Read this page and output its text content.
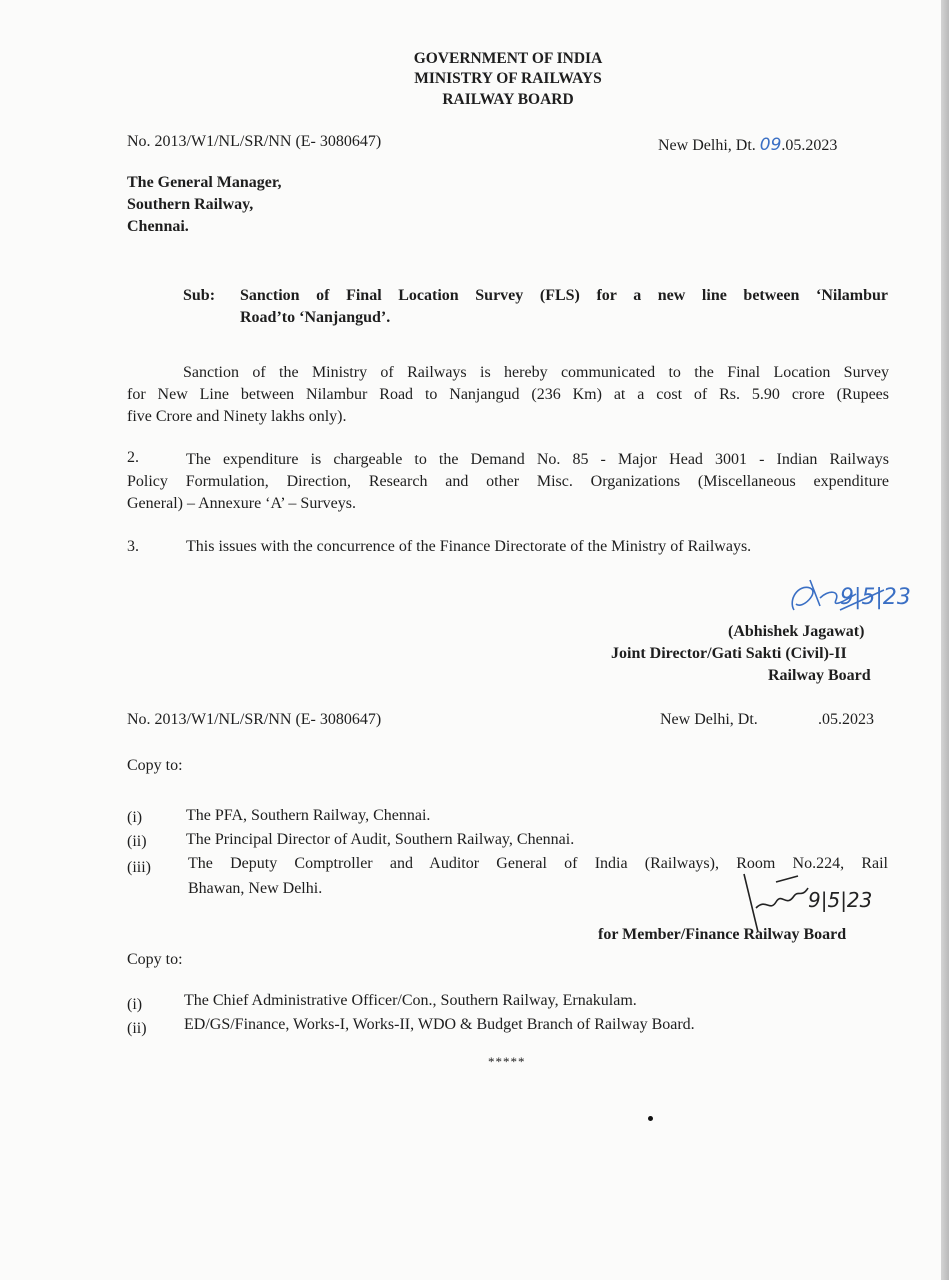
GOVERNMENT OF INDIA
MINISTRY OF RAILWAYS
RAILWAY BOARD
No. 2013/W1/NL/SR/NN (E- 3080647)	New Delhi, Dt. 09.05.2023
The General Manager,
Southern Railway,
Chennai.
Sub: Sanction of Final Location Survey (FLS) for a new line between ‘Nilambur
Road’to ‘Nanjangud’.
Sanction of the Ministry of Railways is hereby communicated to the Final Location Survey
for New Line between Nilambur Road to Nanjangud (236 Km) at a cost of Rs. 5.90 crore (Rupees
five Crore and Ninety lakhs only).
2.	The expenditure is chargeable to the Demand No. 85 - Major Head 3001 - Indian Railways
Policy Formulation, Direction, Research and other Misc. Organizations (Miscellaneous expenditure
General) – Annexure ‘A’ – Surveys.
3.	This issues with the concurrence of the Finance Directorate of the Ministry of Railways.
9|5|23
(Abhishek Jagawat)
Joint Director/Gati Sakti (Civil)-II
Railway Board
No. 2013/W1/NL/SR/NN (E- 3080647)	New Delhi, Dt.	.05.2023
Copy to:
(i)	The PFA, Southern Railway, Chennai.
(ii) The Principal Director of Audit, Southern Railway, Chennai.
(iii) The Deputy Comptroller and Auditor General of India (Railways), Room No.224, Rail
Bhawan, New Delhi.	9|5|23
for Member/Finance Railway Board
Copy to:
(i)	The Chief Administrative Officer/Con., Southern Railway, Ernakulam.
(ii) ED/GS/Finance, Works-I, Works-II, WDO & Budget Branch of Railway Board.
*****
